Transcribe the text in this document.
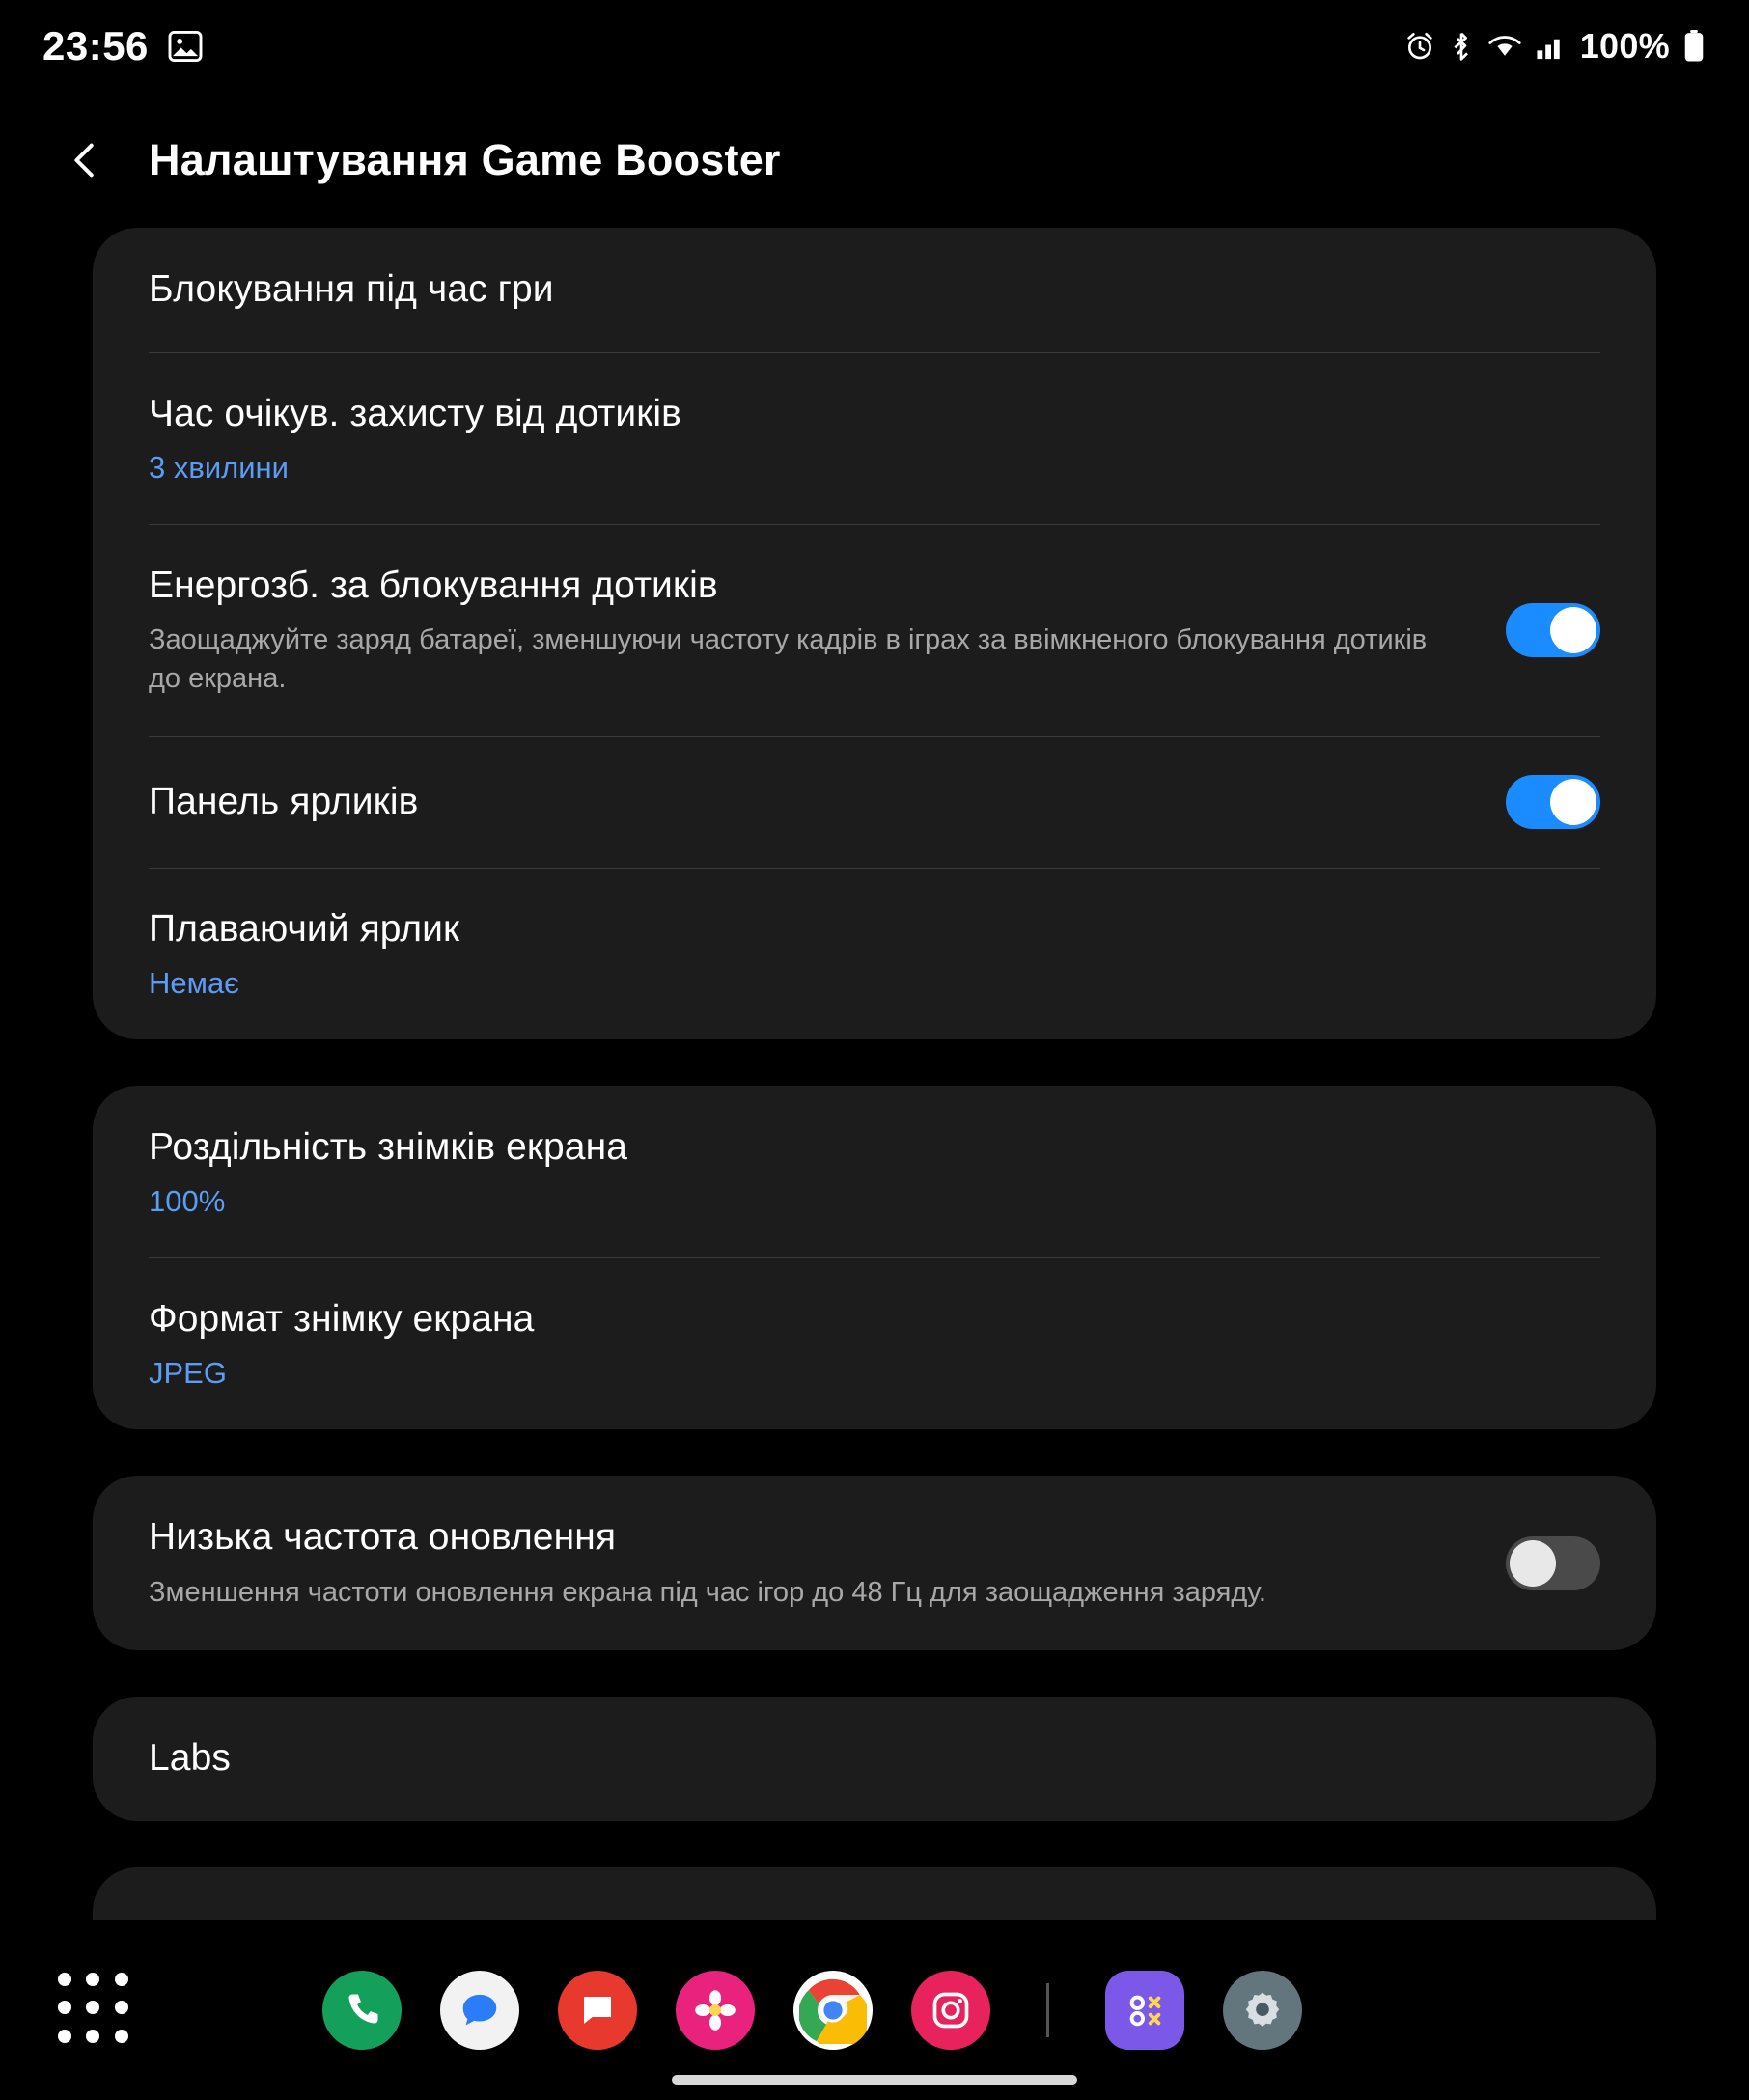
23:56	100%
Налаштування Game Booster
Блокування під час гри
Час очікув. захисту від дотиків
3 хвилини
Енергозб. за блокування дотиків
Заощаджуйте заряд батареї, зменшуючи частоту кадрів в іграх за ввімкненого блокування дотиків до екрана.
Панель ярликів
Плаваючий ярлик
Немає
Роздільність знімків екрана
100%
Формат знімку екрана
JPEG
Низька частота оновлення
Зменшення частоти оновлення екрана під час ігор до 48 Гц для заощадження заряду.
Labs
